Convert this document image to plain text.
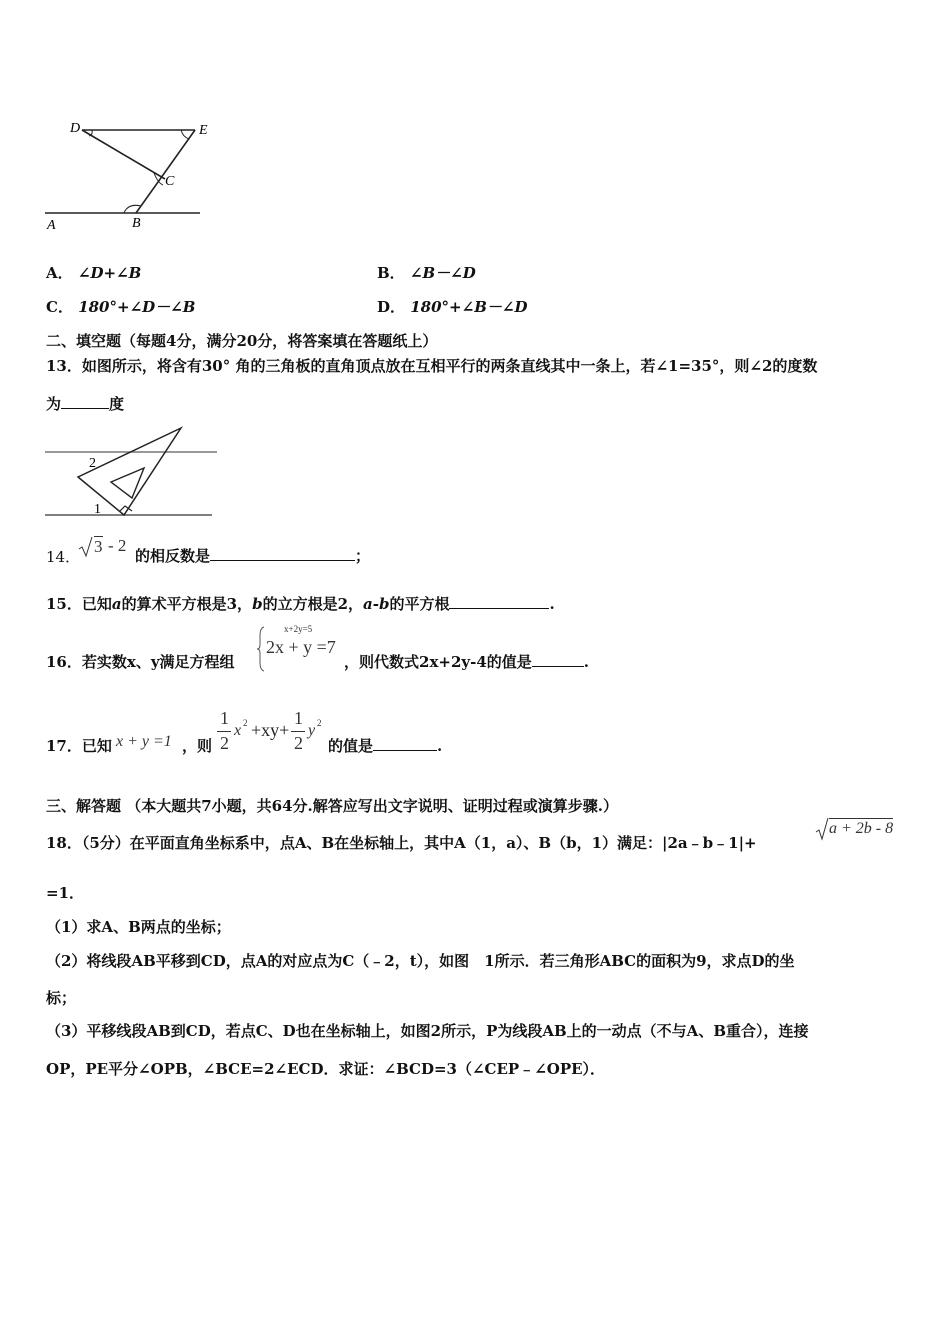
D	E
C
A	B
A． ∠D+∠B	B． ∠B－∠D
C． 180°+∠D－∠B	D． 180°+∠B－∠D
二、填空题（每题4分，满分20分，将答案填在答题纸上）
13．如图所示，将含有30° 角的三角板的直角顶点放在互相平行的两条直线其中一条上，若∠1=35°，则∠2的度数
为	度
2
1
14．
3 - 2
的相反数是	；
15．已知a的算术平方根是3，b的立方根是2，a-b的平方根	.
16．若实数x、y满足方程组
x+2y=5
2x + y =7
，则代数式2x+2y-4的值是	.
17．已知 x + y =1 ，则
1
2
x 2 +xy+
1
2
y 2
的值是	.
三、解答题 （本大题共7小题，共64分.解答应写出文字说明、证明过程或演算步骤.）
18．（5分）在平面直角坐标系中，点A、B在坐标轴上，其中A（1，a）、B（b，1）满足：|2a﹣b﹣1|+
a + 2b - 8
=1．
（1）求A、B两点的坐标；
（2）将线段AB平移到CD，点A的对应点为C（﹣2，t），如图　1所示．若三角形ABC的面积为9，求点D的坐
标；
（3）平移线段AB到CD，若点C、D也在坐标轴上，如图2所示，P为线段AB上的一动点（不与A、B重合），连接
OP，PE平分∠OPB，∠BCE=2∠ECD．求证：∠BCD=3（∠CEP﹣∠OPE）．
